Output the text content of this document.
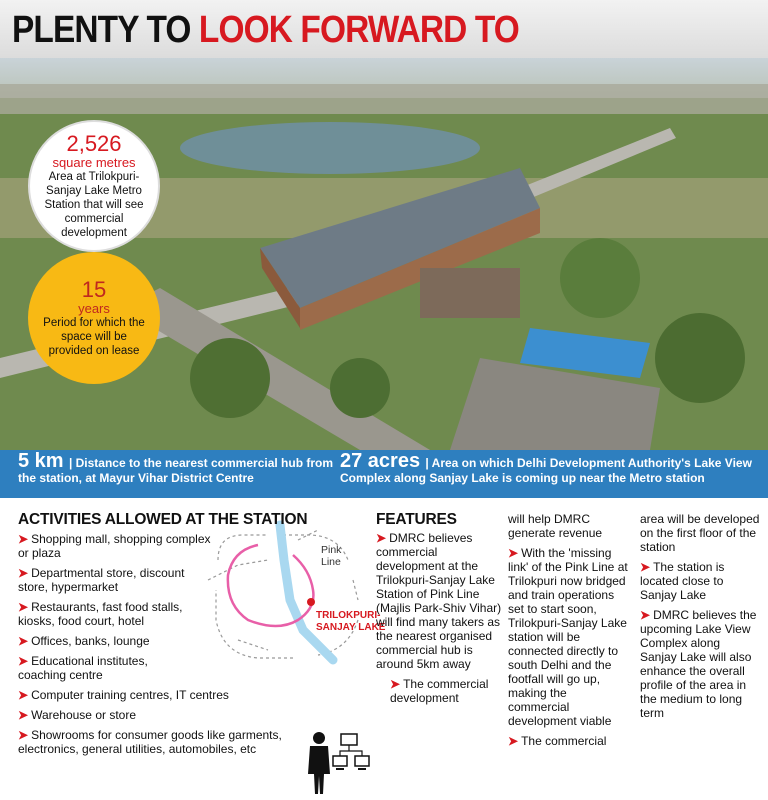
PLENTY TO LOOK FORWARD TO
2,526
square metres
Area at Trilokpuri-Sanjay Lake Metro Station that will see commercial development
15
years
Period for which the space will be provided on lease
5 km | Distance to the nearest commercial hub from the station, at Mayur Vihar District Centre
27 acres | Area on which Delhi Development Authority's Lake View Complex along Sanjay Lake is coming up near the Metro station
Pink Line
TRILOKPURI-SANJAY LAKE
ACTIVITIES ALLOWED AT THE STATION
➤ Shopping mall, shopping complex or plaza
➤ Departmental store, discount store, hypermarket
➤ Restaurants, fast food stalls, kiosks, food court, hotel
➤ Offices, banks, lounge
➤ Educational institutes, coaching centre
➤ Computer training centres, IT centres
➤ Warehouse or store
➤ Showrooms for consumer goods like garments, electronics, general utilities, automobiles, etc
FEATURES
➤ DMRC believes commercial development at the Trilokpuri-Sanjay Lake Station of Pink Line (Majlis Park-Shiv Vihar) will find many takers as the nearest organised commercial hub is around 5km away
➤ The commercial development

will help DMRC generate revenue

➤ With the 'missing link' of the Pink Line at Trilokpuri now bridged and train operations set to start soon, Trilokpuri-Sanjay Lake station will be connected directly to south Delhi and the footfall will go up, making the commercial development viable

➤ The commercial

area will be developed on the first floor of the station

➤ The station is located close to Sanjay Lake

➤ DMRC believes the upcoming Lake View Complex along Sanjay Lake will also enhance the overall profile of the area in the medium to long term
